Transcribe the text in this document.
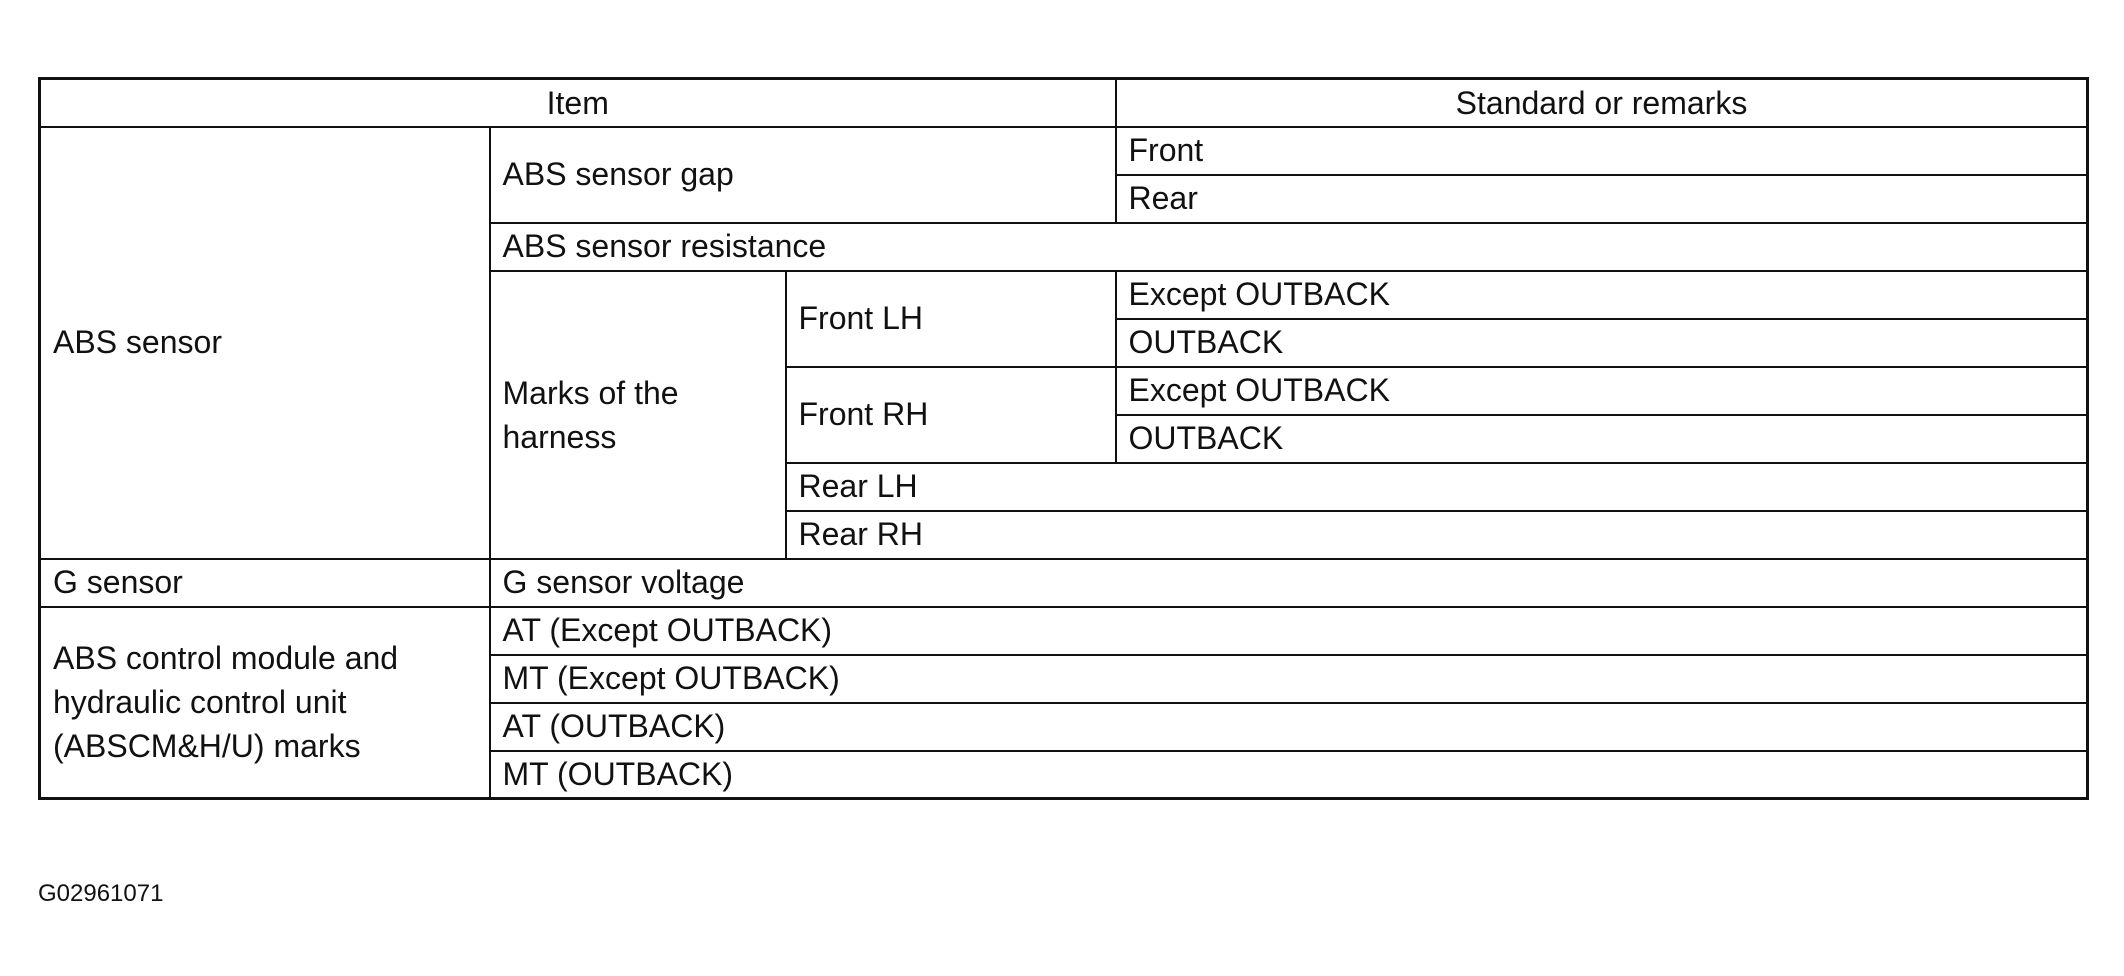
Item			Standard or remarks	
ABS sensor	ABS sensor gap		Front	
			Rear	
	ABS sensor resistance	
	Marks of the harness	Front LH	Except OUTBACK	
			OUTBACK	
		Front RH	Except OUTBACK	
			OUTBACK	
		Rear LH	
		Rear RH	
G sensor	G sensor voltage	
ABS control module and hydraulic control unit (ABSCM&H/U) marks	AT (Except OUTBACK)	
	MT (Except OUTBACK)	
	AT (OUTBACK)	
	MT (OUTBACK)	
G02961071
